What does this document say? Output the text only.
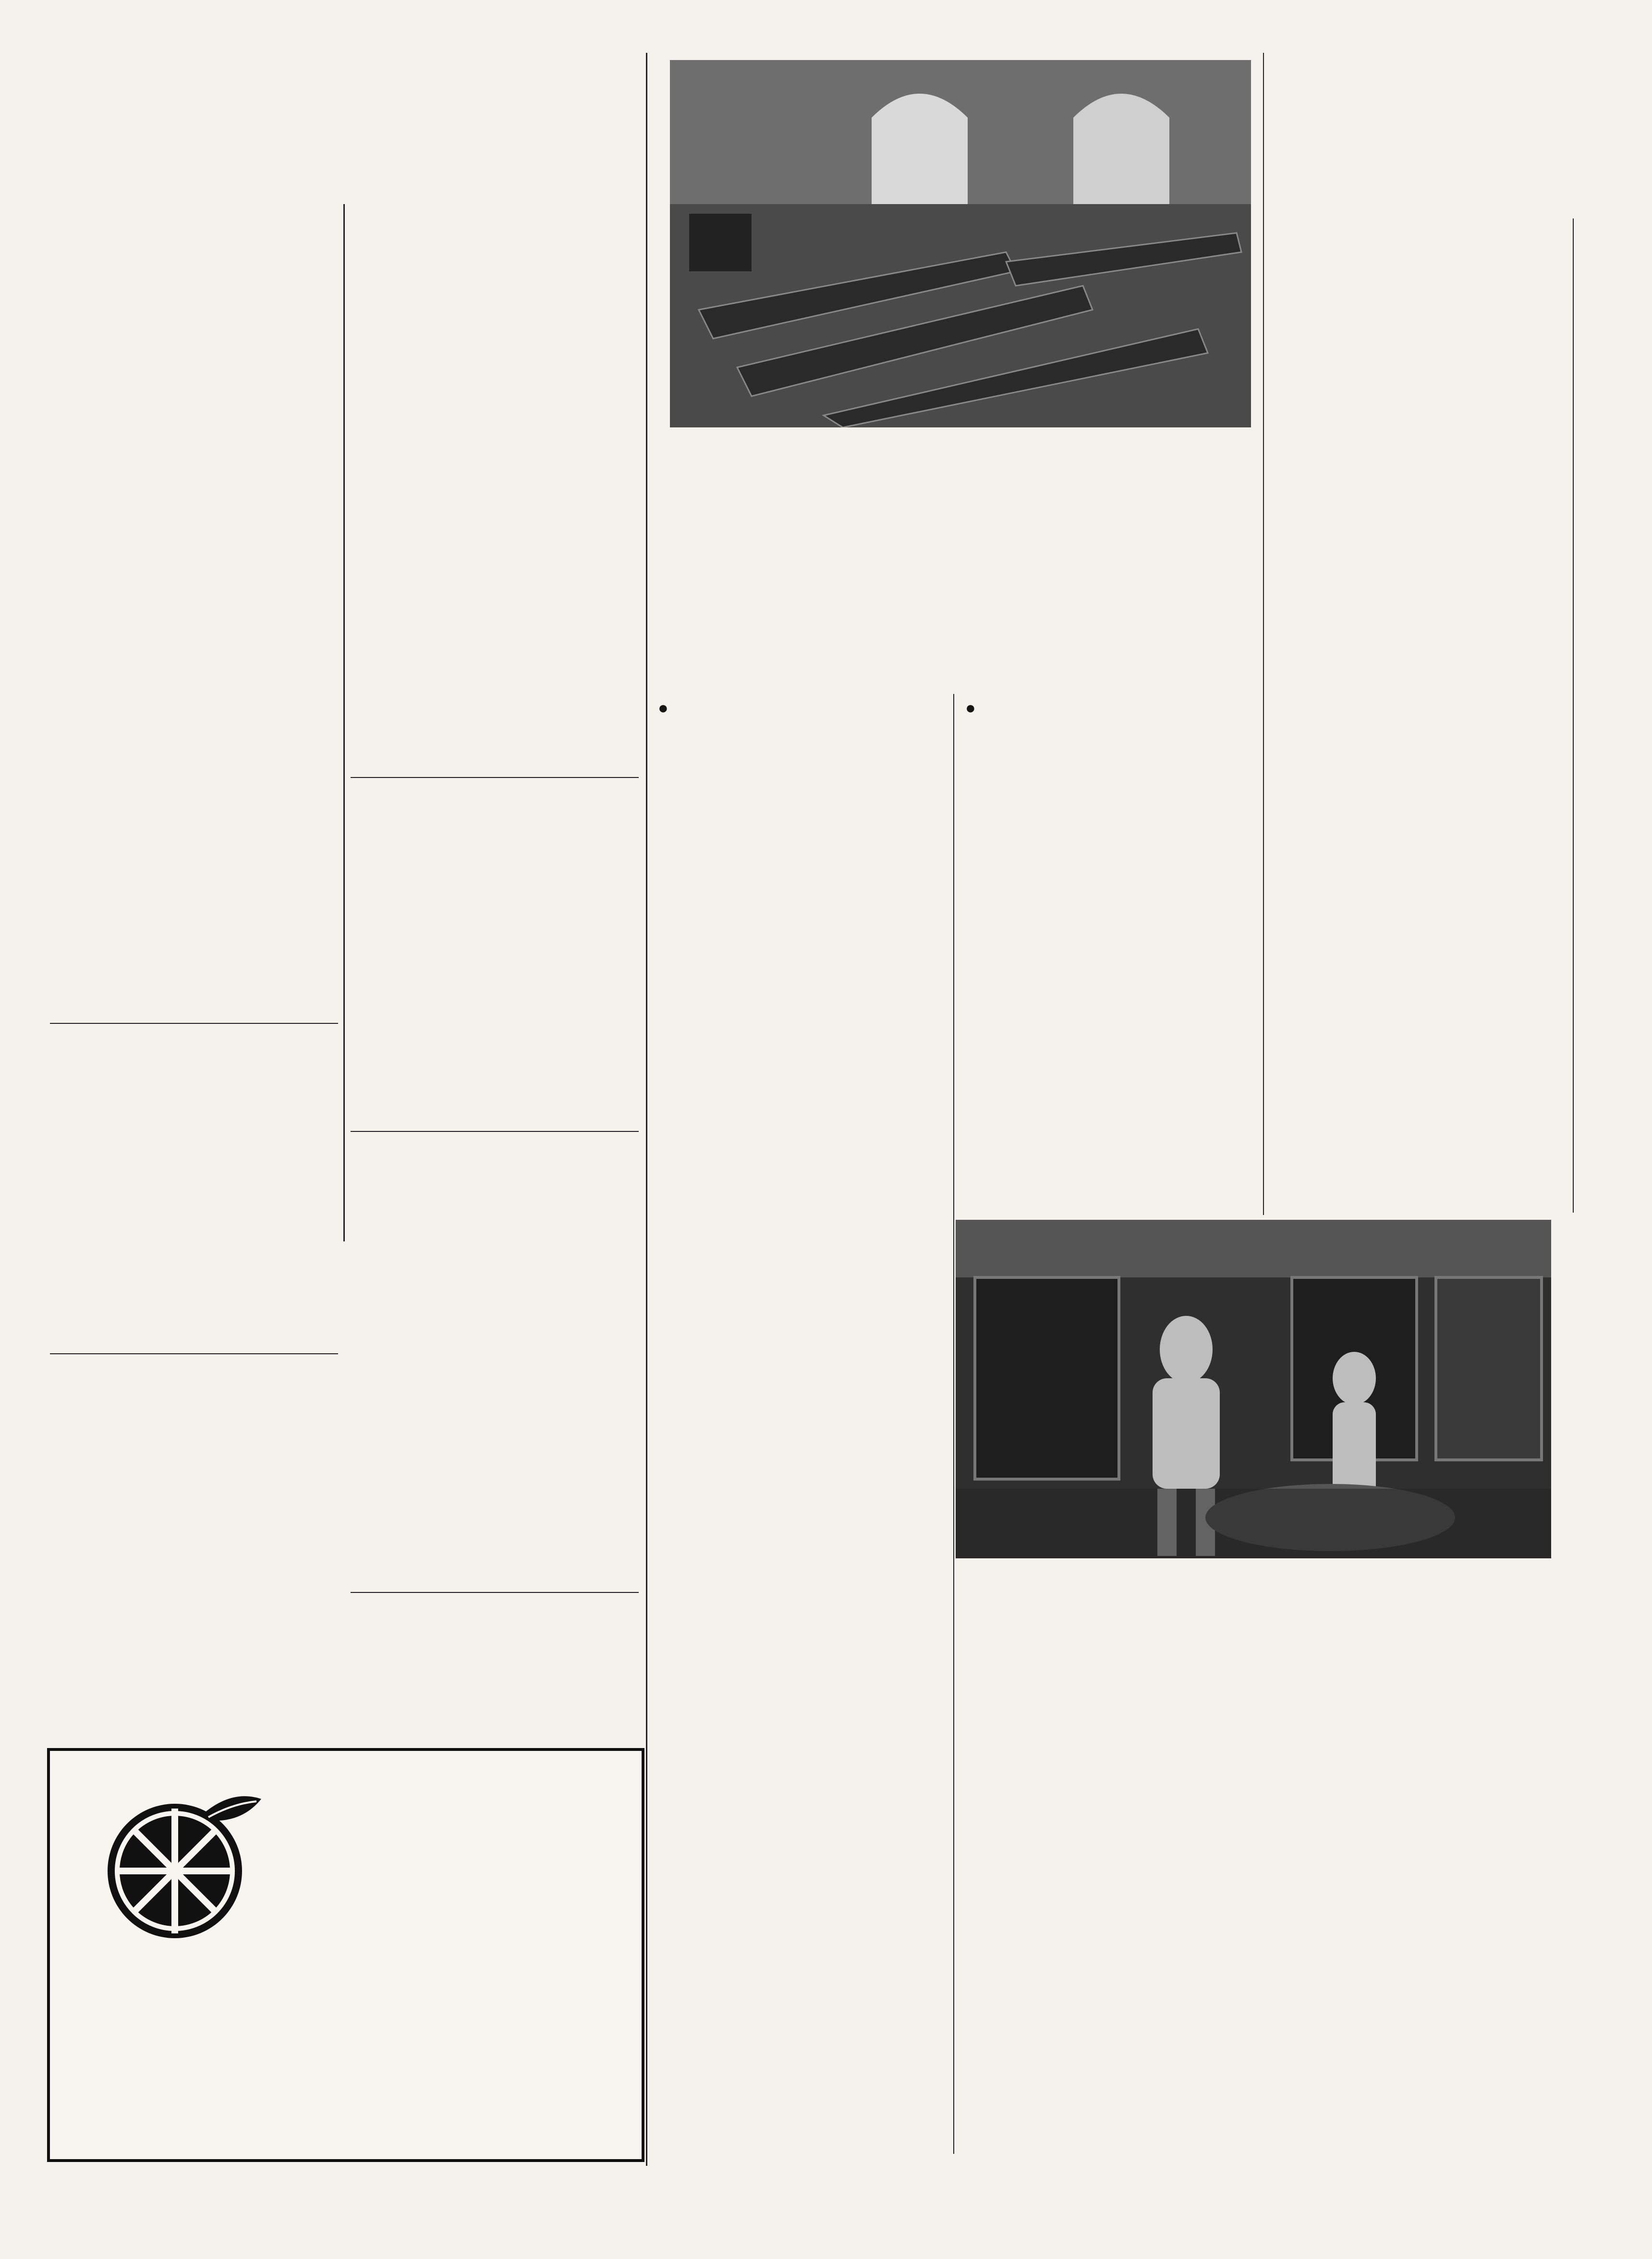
●	●
